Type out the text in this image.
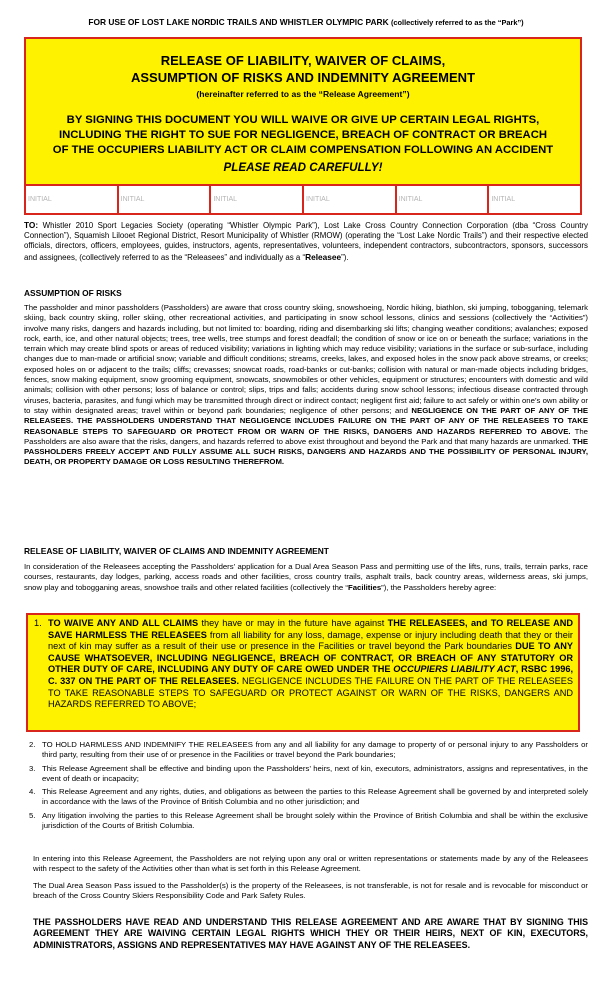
FOR USE OF LOST LAKE NORDIC TRAILS AND WHISTLER OLYMPIC PARK (collectively referred to as the “Park”)
RELEASE OF LIABILITY, WAIVER OF CLAIMS,
ASSUMPTION OF RISKS AND INDEMNITY AGREEMENT
(hereinafter referred to as the “Release Agreement”)
BY SIGNING THIS DOCUMENT YOU WILL WAIVE OR GIVE UP CERTAIN LEGAL RIGHTS,
INCLUDING THE RIGHT TO SUE FOR NEGLIGENCE, BREACH OF CONTRACT OR BREACH
OF THE OCCUPIERS LIABILITY ACT OR CLAIM COMPENSATION FOLLOWING AN ACCIDENT
PLEASE READ CAREFULLY!
INITIAL	INITIAL	INITIAL	INITIAL	INITIAL	INITIAL
TO: Whistler 2010 Sport Legacies Society (operating “Whistler Olympic Park”), Lost Lake Cross Country Connection Corporation (dba “Cross Country Connection”), Squamish Lilooet Regional District, Resort Municipality of Whistler (RMOW) (operating the “Lost Lake Nordic Trails”) and their respective elected officials, directors, officers, employees, guides, instructors, agents, representatives, volunteers, independent contractors, subcontractors, sponsors, successors and assignees, (collectively referred to as the “Releasees” and individually as a “Releasee”).
ASSUMPTION OF RISKS
The passholder and minor passholders (Passholders) are aware that cross country skiing, snowshoeing, Nordic hiking, biathlon, ski jumping, tobogganing, telemark skiing, back country skiing, roller skiing, other recreational activities, and participating in snow school lessons, clinics and sessions (collectively the “Activities”) involve many risks, dangers and hazards including, but not limited to: boarding, riding and disembarking ski lifts; changing weather conditions; avalanches; exposed rock, earth, ice, and other natural objects; trees, tree wells, tree stumps and forest deadfall; the condition of snow or ice on or beneath the surface; variations in the terrain which may create blind spots or areas of reduced visibility; variations in lighting which may reduce visibility; variations in the surface or sub-surface, including changes due to man-made or artificial snow; variable and difficult conditions; streams, creeks, lakes, and exposed holes in the snow pack above streams, or creeks; exposed holes on or adjacent to the trails; cliffs; crevasses; snowcat roads, road-banks or cut-banks; collision with natural or man-made objects including bridges, fences, snow making equipment, snow grooming equipment, snowcats, snowmobiles or other vehicles, equipment or structures; encounters with domestic and wild animals; collision with other persons; loss of balance or control; slips, trips and falls; accidents during snow school lessons; infectious disease contracted through viruses, bacteria, parasites, and fungi which may be transmitted through direct or indirect contact; negligent first aid; failure to act safely or within one’s own ability or to stay within designated areas; travel within or beyond park boundaries; negligence of other persons; and NEGLIGENCE ON THE PART OF ANY OF THE RELEASEES. THE PASSHOLDERS UNDERSTAND THAT NEGLIGENCE INCLUDES FAILURE ON THE PART OF ANY OF THE RELEASEES TO TAKE REASONABLE STEPS TO SAFEGUARD OR PROTECT FROM OR WARN OF THE RISKS, DANGERS AND HAZARDS REFERRED TO ABOVE. The Passholders are also aware that the risks, dangers, and hazards referred to above exist throughout and beyond the Park and that many hazards are unmarked. THE PASSHOLDERS FREELY ACCEPT AND FULLY ASSUME ALL SUCH RISKS, DANGERS AND HAZARDS AND THE POSSIBILITY OF PERSONAL INJURY, DEATH, OR PROPERTY DAMAGE OR LOSS RESULTING THEREFROM.
RELEASE OF LIABILITY, WAIVER OF CLAIMS AND INDEMNITY AGREEMENT
In consideration of the Releasees accepting the Passholders’ application for a Dual Area Season Pass and permitting use of the lifts, runs, trails, terrain parks, race courses, restaurants, day lodges, parking, access roads and other facilities, cross country trails, asphalt trails, back country areas, wilderness areas, ski jumps, snow play and tobogganing areas, snowshoe trails and other related facilities (collectively the “Facilities”), the Passholders hereby agree:
1. TO WAIVE ANY AND ALL CLAIMS they have or may in the future have against THE RELEASEES, and TO RELEASE AND SAVE HARMLESS THE RELEASEES from all liability for any loss, damage, expense or injury including death that they or their next of kin may suffer as a result of their use or presence in the Facilities or travel beyond the Park boundaries DUE TO ANY CAUSE WHATSOEVER, INCLUDING NEGLIGENCE, BREACH OF CONTRACT, OR BREACH OF ANY STATUTORY OR OTHER DUTY OF CARE, INCLUDING ANY DUTY OF CARE OWED UNDER THE OCCUPIERS LIABILITY ACT, RSBC 1996, C. 337 ON THE PART OF THE RELEASEES. NEGLIGENCE INCLUDES THE FAILURE ON THE PART OF THE RELEASEES TO TAKE REASONABLE STEPS TO SAFEGUARD OR PROTECT AGAINST OR WARN OF THE RISKS, DANGERS AND HAZARDS REFERRED TO ABOVE;
2. TO HOLD HARMLESS AND INDEMNIFY THE RELEASEES from any and all liability for any damage to property of or personal injury to any Passholders or third party, resulting from their use of or presence in the Facilities or travel beyond the Park boundaries;
3. This Release Agreement shall be effective and binding upon the Passholders’ heirs, next of kin, executors, administrators, assigns and representatives, in the event of death or incapacity;
4. This Release Agreement and any rights, duties, and obligations as between the parties to this Release Agreement shall be governed by and interpreted solely in accordance with the laws of the Province of British Columbia and no other jurisdiction; and
5. Any litigation involving the parties to this Release Agreement shall be brought solely within the Province of British Columbia and shall be within the exclusive jurisdiction of the Courts of British Columbia.
In entering into this Release Agreement, the Passholders are not relying upon any oral or written representations or statements made by any of the Releasees with respect to the safety of the Activities other than what is set forth in this Release Agreement.
The Dual Area Season Pass issued to the Passholder(s) is the property of the Releasees, is not transferable, is not for resale and is revocable for misconduct or breach of the Cross Country Skiers Responsibility Code and Park Safety Rules.
THE PASSHOLDERS HAVE READ AND UNDERSTAND THIS RELEASE AGREEMENT AND ARE AWARE THAT BY SIGNING THIS AGREEMENT THEY ARE WAIVING CERTAIN LEGAL RIGHTS WHICH THEY OR THEIR HEIRS, NEXT OF KIN, EXECUTORS, ADMINISTRATORS, ASSIGNS AND REPRESENTATIVES MAY HAVE AGAINST ANY OF THE RELEASEES.
